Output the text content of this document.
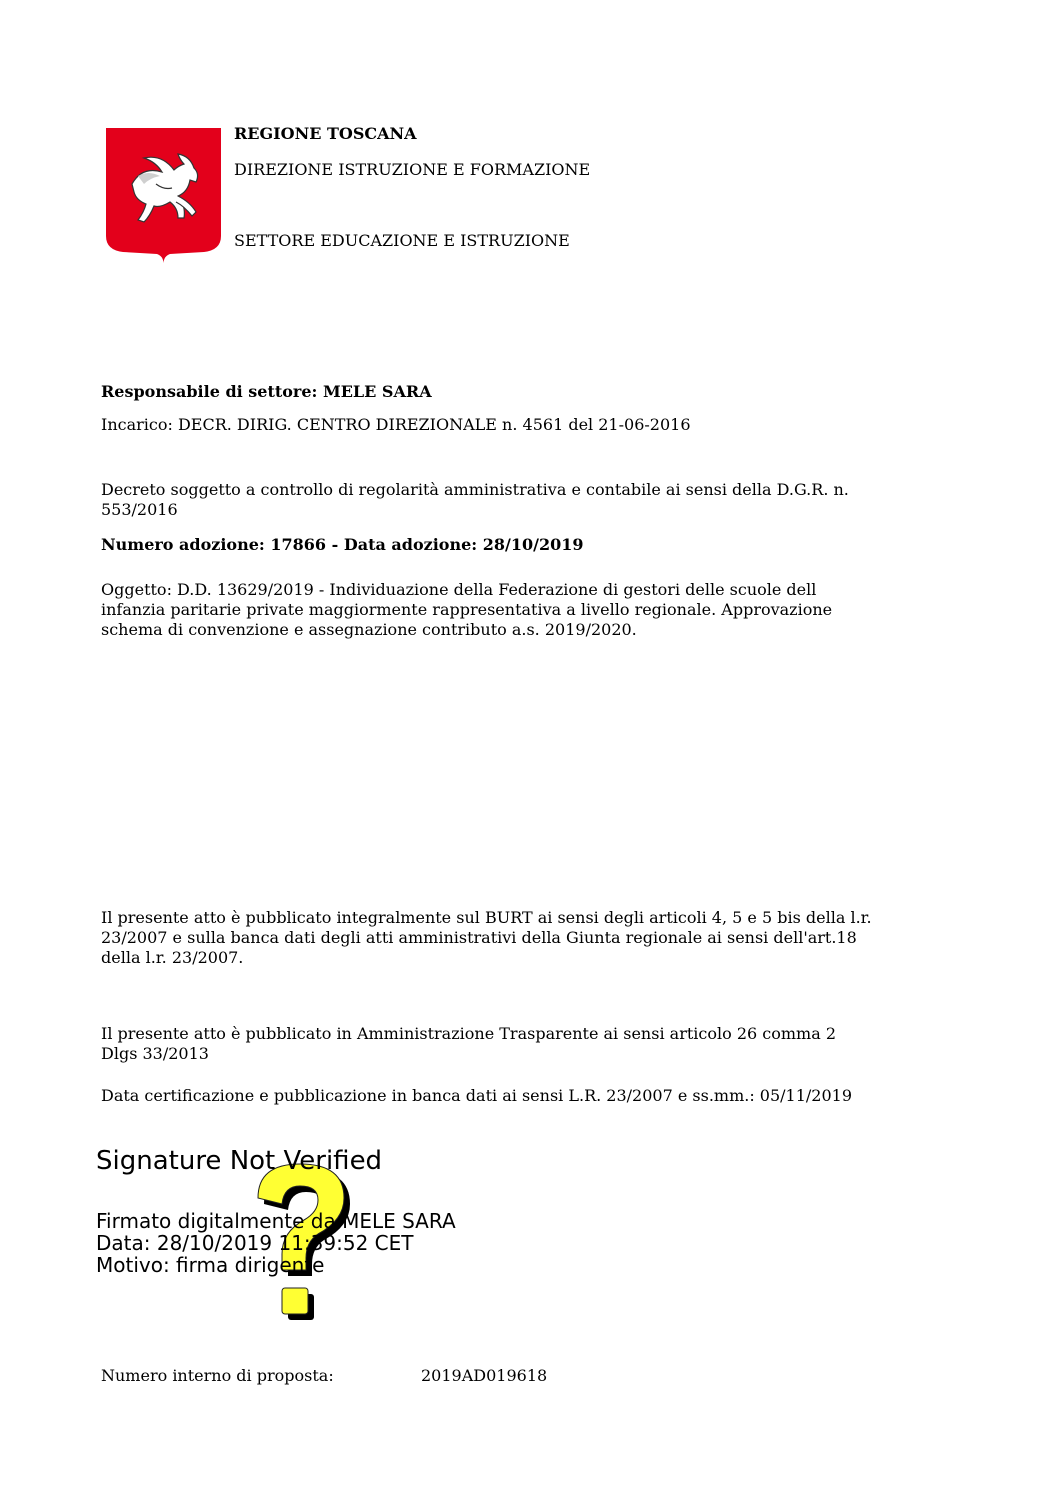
REGIONE TOSCANA
DIREZIONE ISTRUZIONE E FORMAZIONE
SETTORE EDUCAZIONE E ISTRUZIONE
Responsabile di settore: MELE SARA
Incarico: DECR. DIRIG. CENTRO DIREZIONALE n. 4561 del 21-06-2016
Decreto soggetto a controllo di regolarità amministrativa e contabile ai sensi della D.G.R. n.
553/2016
Numero adozione: 17866 - Data adozione: 28/10/2019
Oggetto: D.D. 13629/2019 - Individuazione della Federazione di gestori delle scuole dell
infanzia paritarie private maggiormente rappresentativa a livello regionale. Approvazione
schema di convenzione e assegnazione contributo a.s. 2019/2020.
Il presente atto è pubblicato integralmente sul BURT ai sensi degli articoli 4, 5 e 5 bis della l.r.
23/2007 e sulla banca dati degli atti amministrativi della Giunta regionale ai sensi dell'art.18
della l.r. 23/2007.
Il presente atto è pubblicato in Amministrazione Trasparente ai sensi articolo 26 comma 2
Dlgs 33/2013
Data certificazione e pubblicazione in banca dati ai sensi L.R. 23/2007 e ss.mm.: 05/11/2019
Signature Not Verified
Firmato digitalmente da MELE SARA
Data: 28/10/2019 11:39:52 CET
Motivo: firma dirigente
Numero interno di proposta:	2019AD019618
